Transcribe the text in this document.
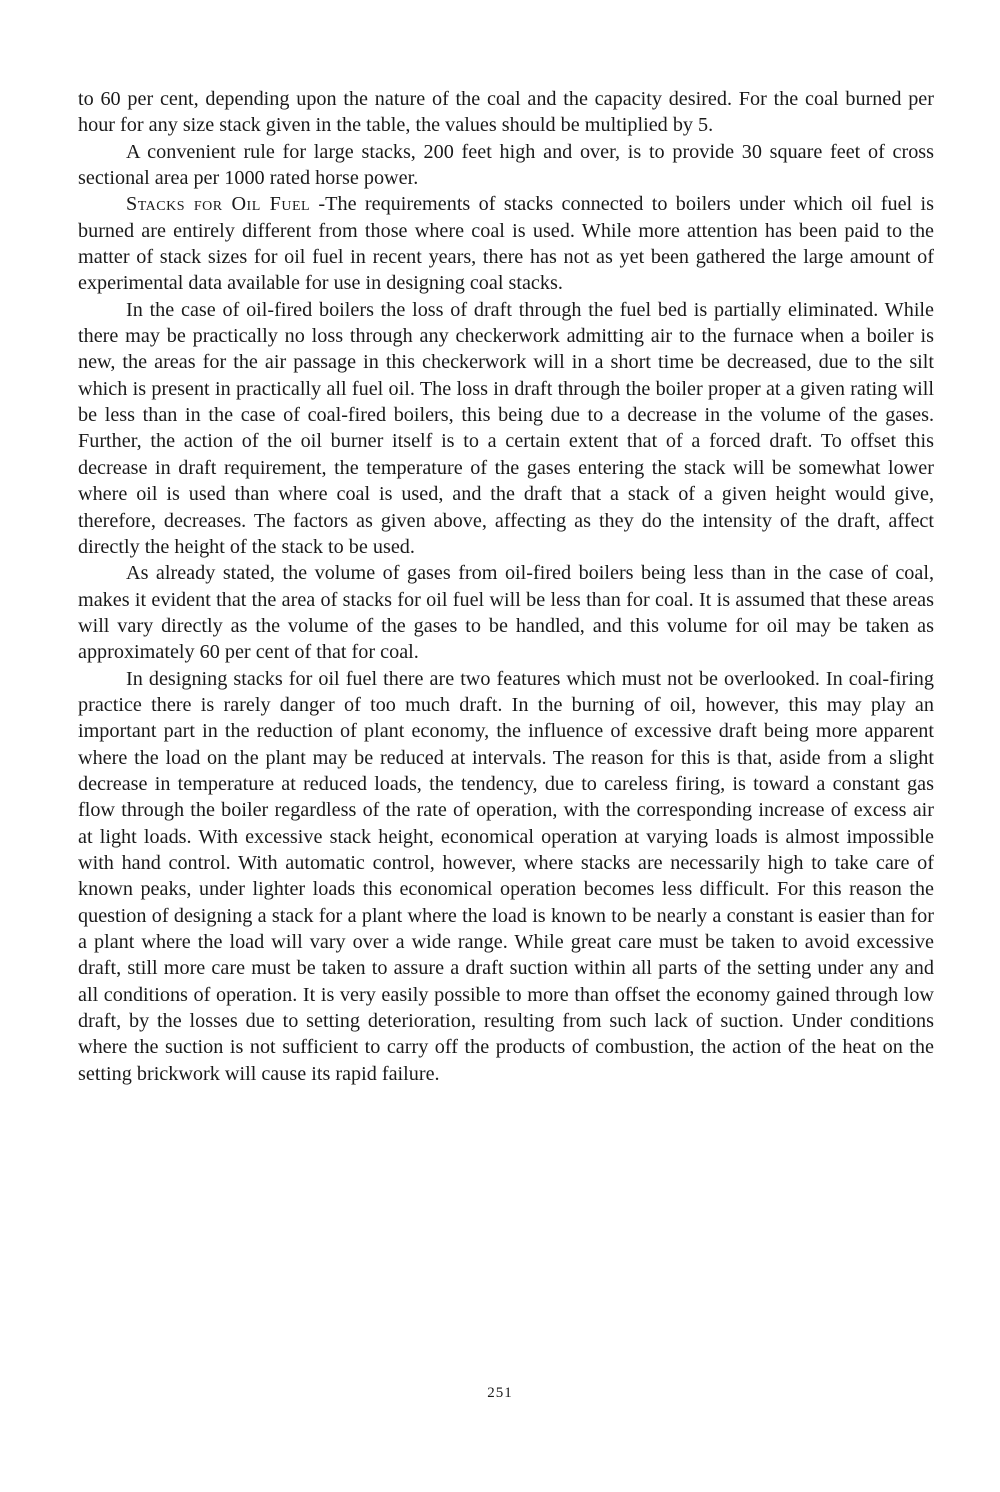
to 60 per cent, depending upon the nature of the coal and the capacity desired. For the coal burned per hour for any size stack given in the table, the values should be multiplied by 5.

A convenient rule for large stacks, 200 feet high and over, is to provide 30 square feet of cross sectional area per 1000 rated horse power.

Stacks for Oil Fuel -The requirements of stacks connected to boilers under which oil fuel is burned are entirely different from those where coal is used. While more attention has been paid to the matter of stack sizes for oil fuel in recent years, there has not as yet been gathered the large amount of experimental data available for use in designing coal stacks.

In the case of oil-fired boilers the loss of draft through the fuel bed is partially eliminated. While there may be practically no loss through any checkerwork admitting air to the furnace when a boiler is new, the areas for the air passage in this checkerwork will in a short time be decreased, due to the silt which is present in practically all fuel oil. The loss in draft through the boiler proper at a given rating will be less than in the case of coal-fired boilers, this being due to a decrease in the volume of the gases. Further, the action of the oil burner itself is to a certain extent that of a forced draft. To offset this decrease in draft requirement, the temperature of the gases entering the stack will be somewhat lower where oil is used than where coal is used, and the draft that a stack of a given height would give, therefore, decreases. The factors as given above, affecting as they do the intensity of the draft, affect directly the height of the stack to be used.

As already stated, the volume of gases from oil-fired boilers being less than in the case of coal, makes it evident that the area of stacks for oil fuel will be less than for coal. It is assumed that these areas will vary directly as the volume of the gases to be handled, and this volume for oil may be taken as approximately 60 per cent of that for coal.

In designing stacks for oil fuel there are two features which must not be overlooked. In coal-firing practice there is rarely danger of too much draft. In the burning of oil, however, this may play an important part in the reduction of plant economy, the influence of excessive draft being more apparent where the load on the plant may be reduced at intervals. The reason for this is that, aside from a slight decrease in temperature at reduced loads, the tendency, due to careless firing, is toward a constant gas flow through the boiler regardless of the rate of operation, with the corresponding increase of excess air at light loads. With excessive stack height, economical operation at varying loads is almost impossible with hand control. With automatic control, however, where stacks are necessarily high to take care of known peaks, under lighter loads this economical operation becomes less difficult. For this reason the question of designing a stack for a plant where the load is known to be nearly a constant is easier than for a plant where the load will vary over a wide range. While great care must be taken to avoid excessive draft, still more care must be taken to assure a draft suction within all parts of the setting under any and all conditions of operation. It is very easily possible to more than offset the economy gained through low draft, by the losses due to setting deterioration, resulting from such lack of suction. Under conditions where the suction is not sufficient to carry off the products of combustion, the action of the heat on the setting brickwork will cause its rapid failure.

251
